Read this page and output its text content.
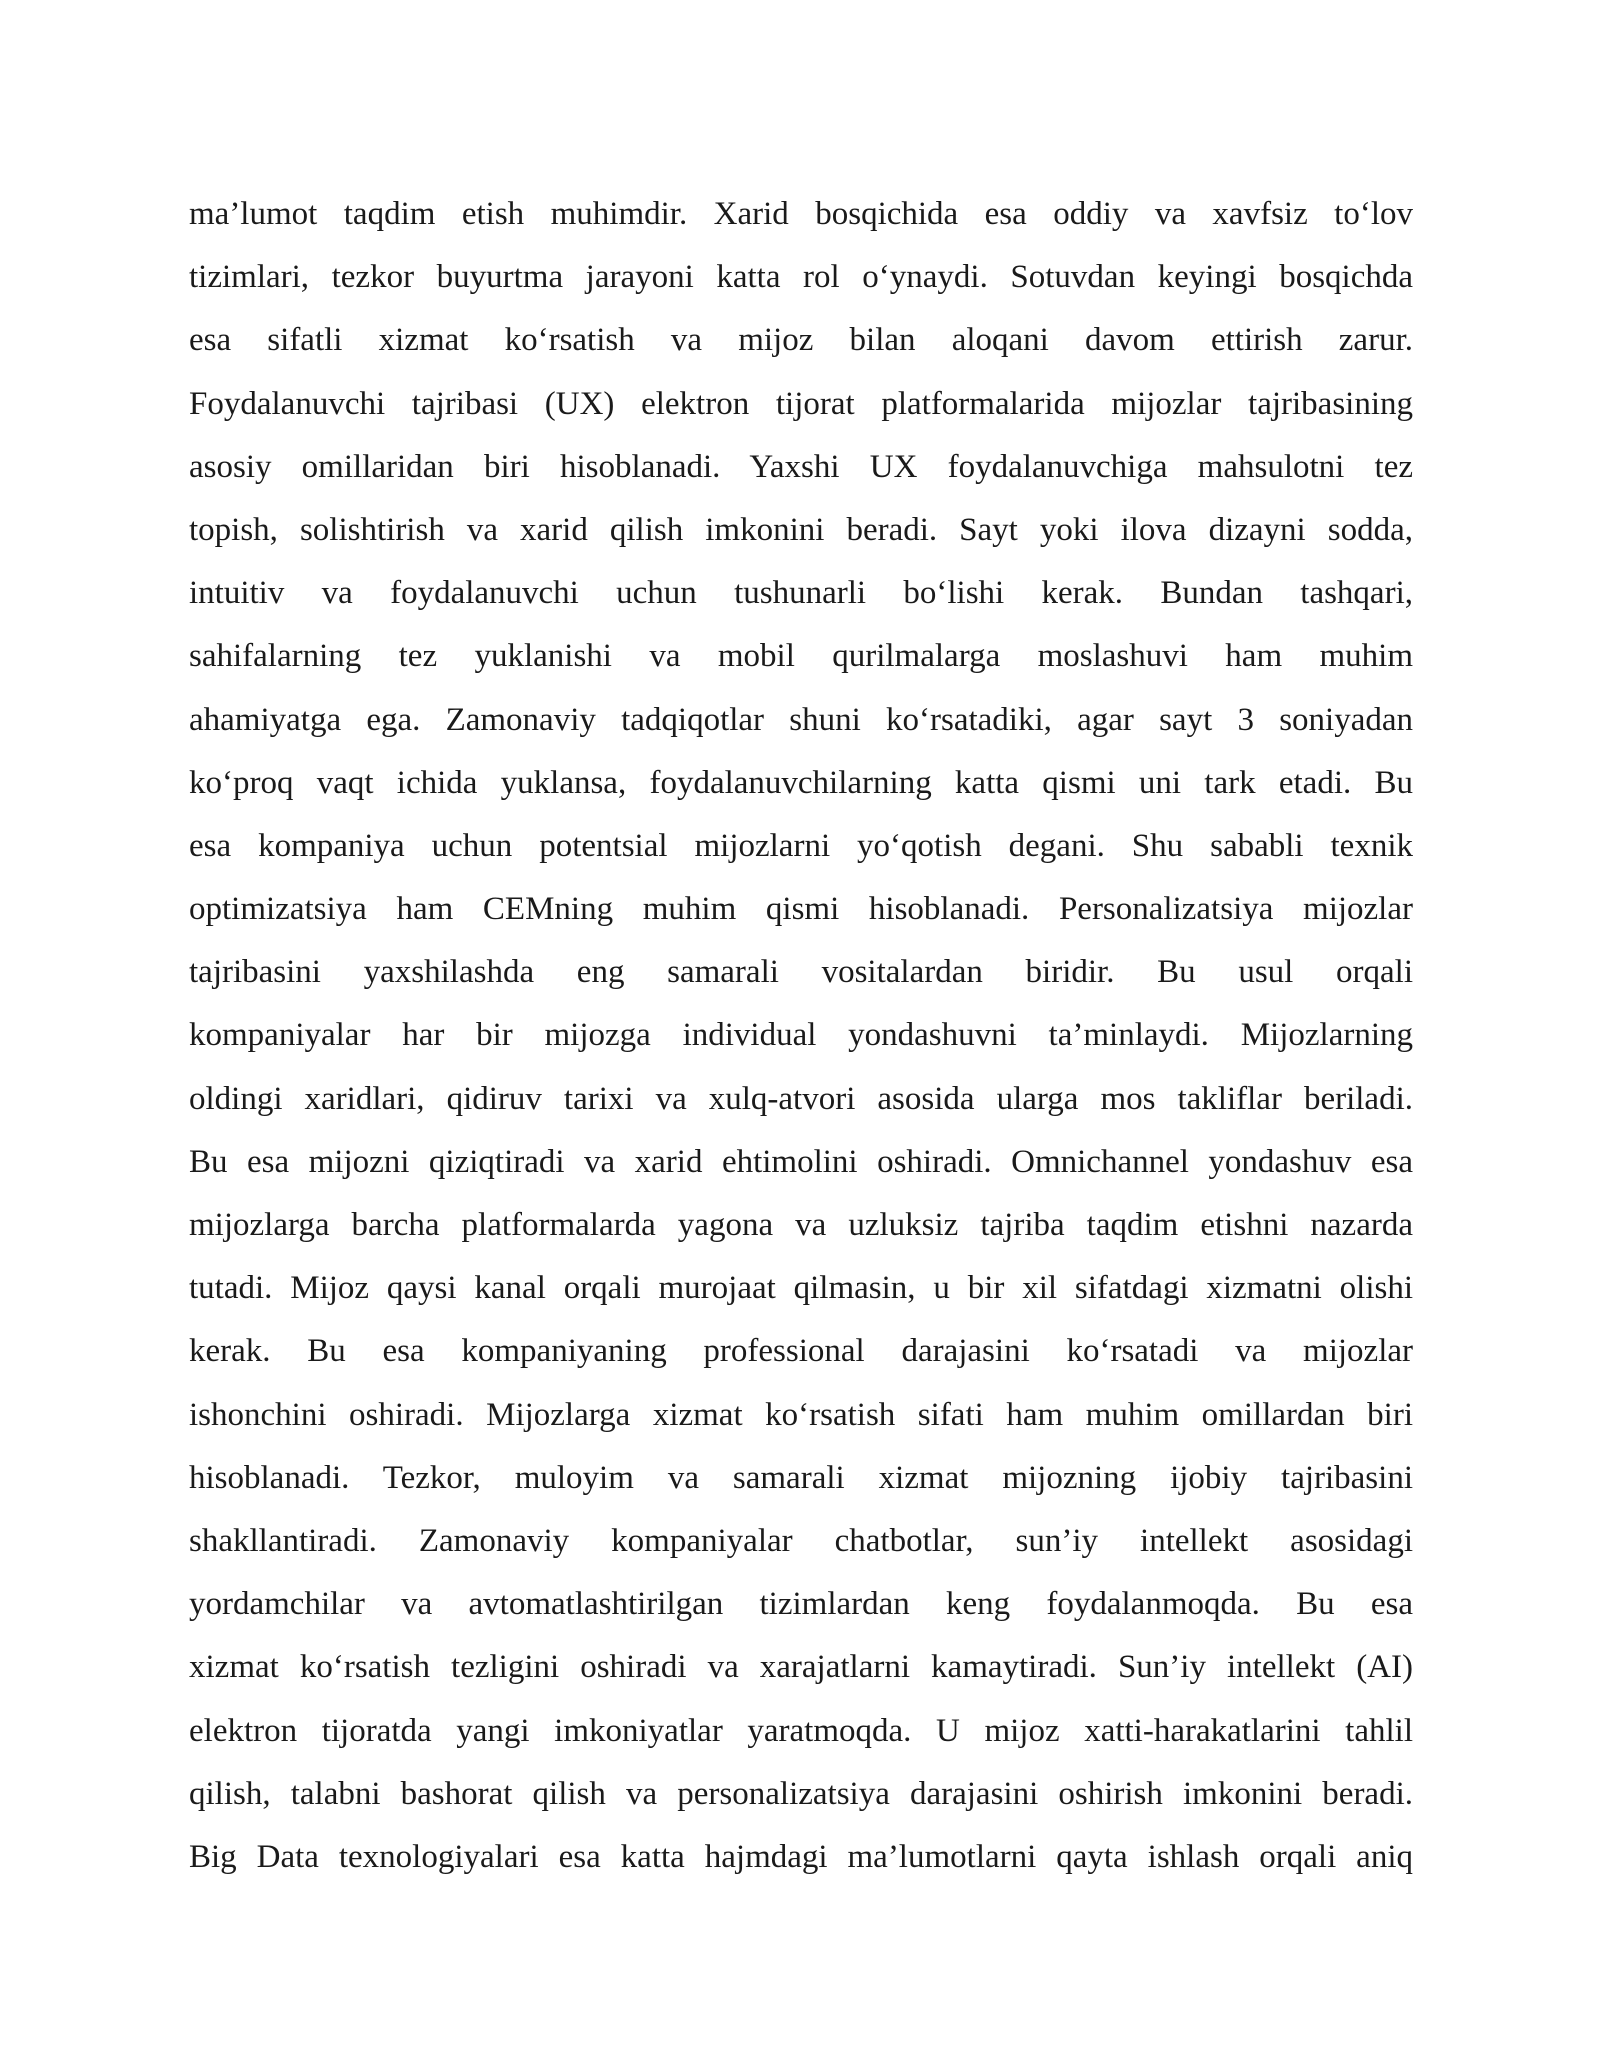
ma’lumot taqdim etish muhimdir. Xarid bosqichida esa oddiy va xavfsiz to‘lov
tizimlari, tezkor buyurtma jarayoni katta rol o‘ynaydi. Sotuvdan keyingi bosqichda
esa sifatli xizmat ko‘rsatish va mijoz bilan aloqani davom ettirish zarur.
Foydalanuvchi tajribasi (UX) elektron tijorat platformalarida mijozlar tajribasining
asosiy omillaridan biri hisoblanadi. Yaxshi UX foydalanuvchiga mahsulotni tez
topish, solishtirish va xarid qilish imkonini beradi. Sayt yoki ilova dizayni sodda,
intuitiv va foydalanuvchi uchun tushunarli bo‘lishi kerak. Bundan tashqari,
sahifalarning tez yuklanishi va mobil qurilmalarga moslashuvi ham muhim
ahamiyatga ega. Zamonaviy tadqiqotlar shuni ko‘rsatadiki, agar sayt 3 soniyadan
ko‘proq vaqt ichida yuklansa, foydalanuvchilarning katta qismi uni tark etadi. Bu
esa kompaniya uchun potentsial mijozlarni yo‘qotish degani. Shu sababli texnik
optimizatsiya ham CEMning muhim qismi hisoblanadi. Personalizatsiya mijozlar
tajribasini yaxshilashda eng samarali vositalardan biridir. Bu usul orqali
kompaniyalar har bir mijozga individual yondashuvni ta’minlaydi. Mijozlarning
oldingi xaridlari, qidiruv tarixi va xulq-atvori asosida ularga mos takliflar beriladi.
Bu esa mijozni qiziqtiradi va xarid ehtimolini oshiradi. Omnichannel yondashuv esa
mijozlarga barcha platformalarda yagona va uzluksiz tajriba taqdim etishni nazarda
tutadi. Mijoz qaysi kanal orqali murojaat qilmasin, u bir xil sifatdagi xizmatni olishi
kerak. Bu esa kompaniyaning professional darajasini ko‘rsatadi va mijozlar
ishonchini oshiradi. Mijozlarga xizmat ko‘rsatish sifati ham muhim omillardan biri
hisoblanadi. Tezkor, muloyim va samarali xizmat mijozning ijobiy tajribasini
shakllantiradi. Zamonaviy kompaniyalar chatbotlar, sun’iy intellekt asosidagi
yordamchilar va avtomatlashtirilgan tizimlardan keng foydalanmoqda. Bu esa
xizmat ko‘rsatish tezligini oshiradi va xarajatlarni kamaytiradi. Sun’iy intellekt (AI)
elektron tijoratda yangi imkoniyatlar yaratmoqda. U mijoz xatti-harakatlarini tahlil
qilish, talabni bashorat qilish va personalizatsiya darajasini oshirish imkonini beradi.
Big Data texnologiyalari esa katta hajmdagi ma’lumotlarni qayta ishlash orqali aniq
